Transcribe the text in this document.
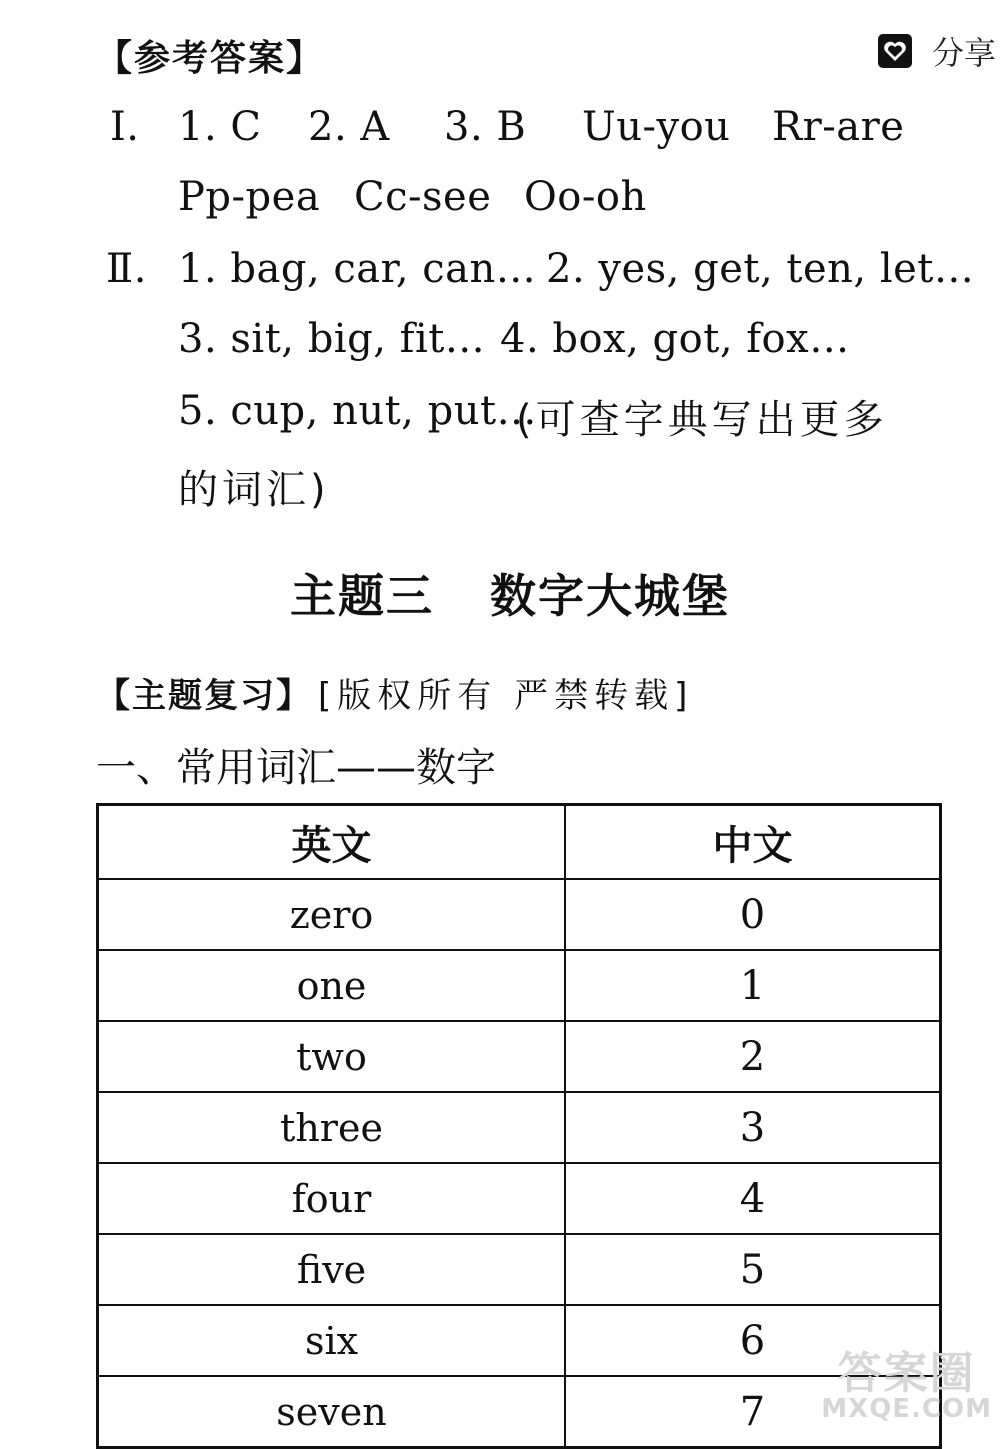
【参考答案】	分享
Ⅰ. 1. C 2. A 3. B Uu-you Rr-are
Pp-pea Cc-see Oo-oh
Ⅱ. 1. bag, car, can… 2. yes, get, ten, let…
3. sit, big, fit… 4. box, got, fox…
5. cup, nut, put…
(可查字典写出更多
的词汇)
主题三 数字大城堡
【主题复习】 [版权所有 严禁转载]
一、常用词汇——数字
英文	中文
zero	0
one	1
two	2
three	3
four	4
five	5
six	6
seven	7
答案圈
MXQE.COM
